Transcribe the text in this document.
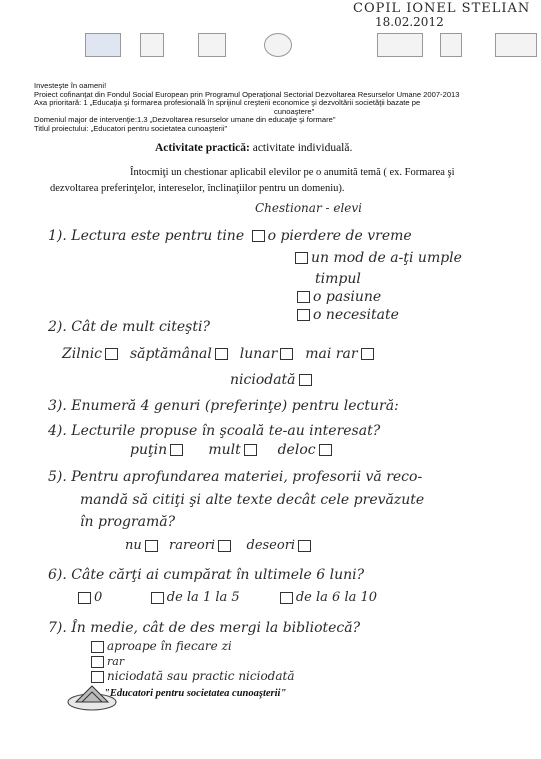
COPIL IONEL STELIAN
18.02.2012
Investeşte în oameni!
Proiect cofinanţat din Fondul Social European prin Programul Operaţional Sectorial Dezvoltarea Resurselor Umane 2007-2013
Axa prioritară: 1 „Educaţia şi formarea profesională în sprijinul creşterii economice şi dezvoltării societăţii bazate pe
cunoaştere"
Domeniul major de intervenţie:1.3 „Dezvoltarea resurselor umane din educaţie şi formare"
Titlul proiectului: „Educatori pentru societatea cunoaşterii"
Activitate practică: activitate individuală.
Întocmiţi un chestionar aplicabil elevilor pe o anumită temă ( ex. Formarea şi
dezvoltarea preferinţelor, intereselor, înclinaţiilor pentru un domeniu).
Chestionar - elevi
1). Lectura este pentru tine o pierdere de vreme
un mod de a-ţi umple
timpul
o pasiune
o necesitate
2). Cât de mult citeşti?
Zilnic săptămânal lunar mai rar
niciodată
3). Enumeră 4 genuri (preferinţe) pentru lectură:
4). Lecturile propuse în şcoală te-au interesat?
puţin	mult	deloc
5). Pentru aprofundarea materiei, profesorii vă reco-
mandă să citiţi şi alte texte decât cele prevăzute
în programă?
nu rareori deseori
6). Câte cărţi ai cumpărat în ultimele 6 luni?
0	de la 1 la 5	de la 6 la 10
7). În medie, cât de des mergi la bibliotecă?
aproape în fiecare zi
rar
niciodată sau practic niciodată
"Educatori pentru societatea cunoaşterii"
